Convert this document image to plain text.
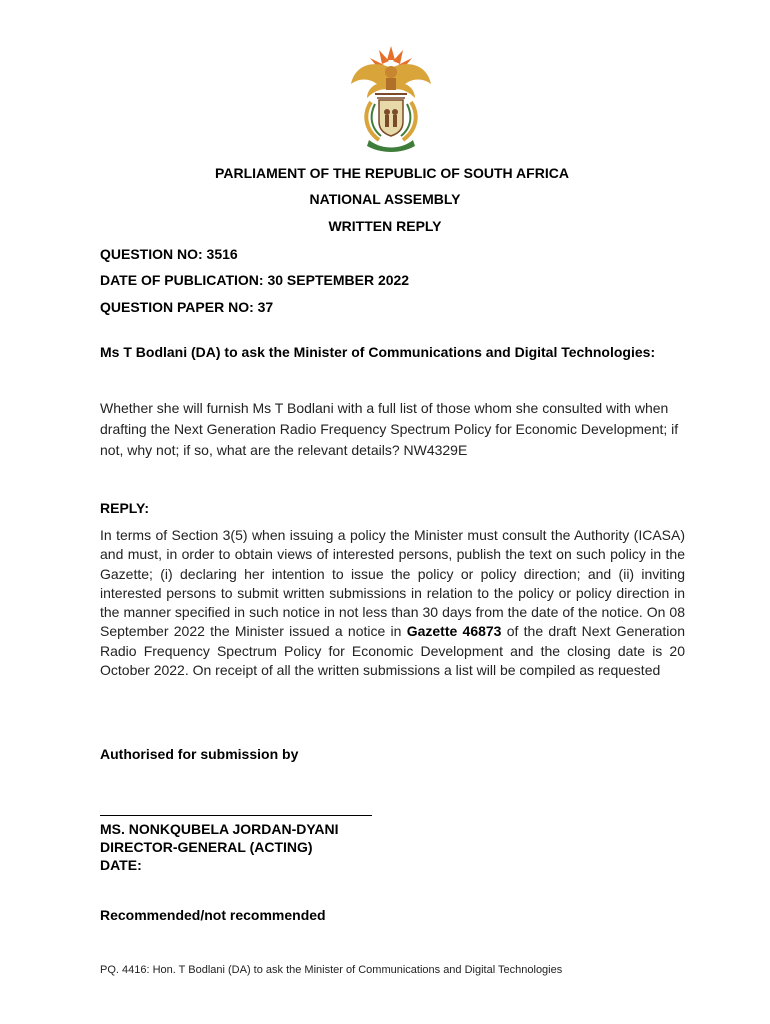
PARLIAMENT OF THE REPUBLIC OF SOUTH AFRICA
NATIONAL ASSEMBLY
WRITTEN REPLY
QUESTION NO: 3516
DATE OF PUBLICATION: 30 SEPTEMBER 2022
QUESTION PAPER NO: 37
Ms T Bodlani (DA) to ask the Minister of Communications and Digital Technologies:
Whether she will furnish Ms T Bodlani with a full list of those whom she consulted with when drafting the Next Generation Radio Frequency Spectrum Policy for Economic Development; if not, why not; if so, what are the relevant details? NW4329E
REPLY:
In terms of Section 3(5) when issuing a policy the Minister must consult the Authority (ICASA) and must, in order to obtain views of interested persons, publish the text on such policy in the Gazette; (i) declaring her intention to issue the policy or policy direction; and (ii) inviting interested persons to submit written submissions in relation to the policy or policy direction in the manner specified in such notice in not less than 30 days from the date of the notice. On 08 September 2022 the Minister issued a notice in Gazette 46873 of the draft Next Generation Radio Frequency Spectrum Policy for Economic Development and the closing date is 20 October 2022. On receipt of all the written submissions a list will be compiled as requested
Authorised for submission by
MS. NONKQUBELA JORDAN-DYANI
DIRECTOR-GENERAL (ACTING)
DATE:
Recommended/not recommended
PQ. 4416: Hon. T Bodlani (DA) to ask the Minister of Communications and Digital Technologies
